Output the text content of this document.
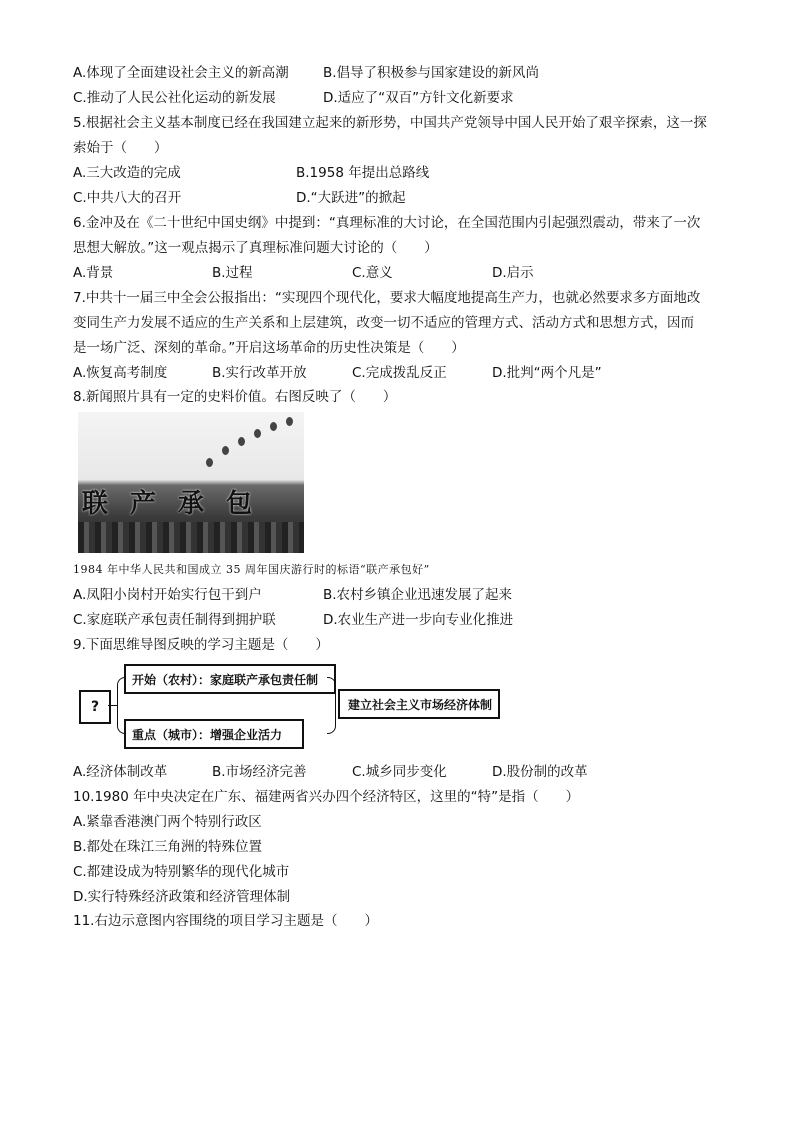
A.体现了全面建设社会主义的新高潮	B.倡导了积极参与国家建设的新风尚
C.推动了人民公社化运动的新发展	D.适应了“双百”方针文化新要求
5.根据社会主义基本制度已经在我国建立起来的新形势，中国共产党领导中国人民开始了艰辛探索，这一探
索始于（　　）
A.三大改造的完成	B.1958 年提出总路线
C.中共八大的召开	D.“大跃进”的掀起
6.金冲及在《二十世纪中国史纲》中提到：“真理标准的大讨论，在全国范围内引起强烈震动，带来了一次
思想大解放。”这一观点揭示了真理标准问题大讨论的（　　）
A.背景	B.过程	C.意义	D.启示
7.中共十一届三中全会公报指出：“实现四个现代化，要求大幅度地提高生产力，也就必然要求多方面地改
变同生产力发展不适应的生产关系和上层建筑，改变一切不适应的管理方式、活动方式和思想方式，因而
是一场广泛、深刻的革命。”开启这场革命的历史性决策是（　　）
A.恢复高考制度	B.实行改革开放	C.完成拨乱反正	D.批判“两个凡是”
8.新闻照片具有一定的史料价值。右图反映了（　　）
联产承包
1984 年中华人民共和国成立 35 周年国庆游行时的标语“联产承包好”
A.凤阳小岗村开始实行包干到户	B.农村乡镇企业迅速发展了起来
C.家庭联产承包责任制得到拥护联	D.农业生产进一步向专业化推进
9.下面思维导图反映的学习主题是（　　）
?
开始（农村）：家庭联产承包责任制
重点（城市）：增强企业活力
建立社会主义市场经济体制
A.经济体制改革	B.市场经济完善	C.城乡同步变化	D.股份制的改革
10.1980 年中央决定在广东、福建两省兴办四个经济特区，这里的“特”是指（　　）
A.紧靠香港澳门两个特别行政区
B.都处在珠江三角洲的特殊位置
C.都建设成为特别繁华的现代化城市
D.实行特殊经济政策和经济管理体制
11.右边示意图内容围绕的项目学习主题是（　　）
